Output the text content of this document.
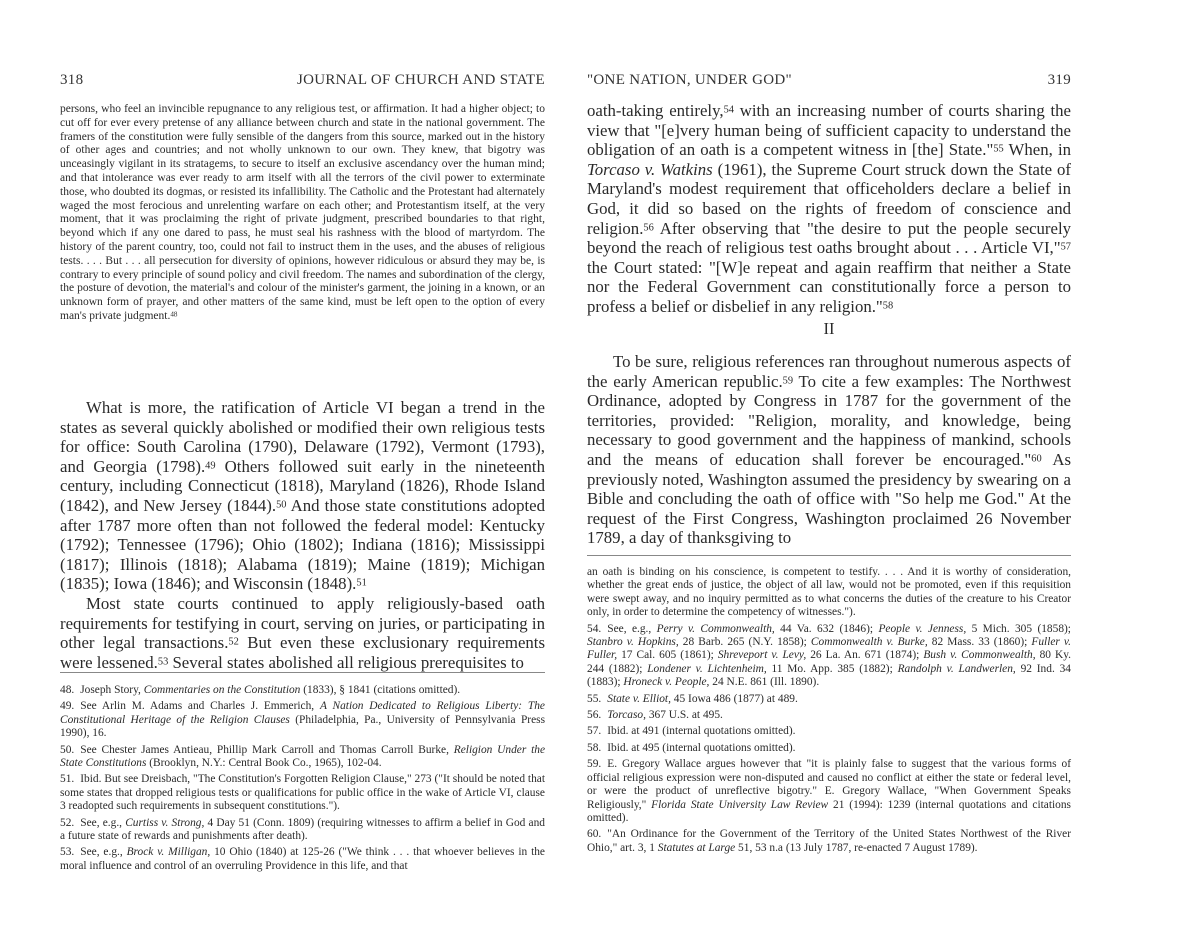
318	JOURNAL OF CHURCH AND STATE
persons, who feel an invincible repugnance to any religious test, or affirmation. It had a higher object; to cut off for ever every pretense of any alliance between church and state in the national government. The framers of the constitution were fully sensible of the dangers from this source, marked out in the history of other ages and countries; and not wholly unknown to our own. They knew, that bigotry was unceasingly vigilant in its stratagems, to secure to itself an exclusive ascendancy over the human mind; and that intolerance was ever ready to arm itself with all the terrors of the civil power to exterminate those, who doubted its dogmas, or resisted its infallibility. The Catholic and the Protestant had alternately waged the most ferocious and unrelenting warfare on each other; and Protestantism itself, at the very moment, that it was proclaiming the right of private judgment, prescribed boundaries to that right, beyond which if any one dared to pass, he must seal his rashness with the blood of martyrdom. The history of the parent country, too, could not fail to instruct them in the uses, and the abuses of religious tests. . . . But . . . all persecution for diversity of opinions, however ridiculous or absurd they may be, is contrary to every principle of sound policy and civil freedom. The names and subordination of the clergy, the posture of devotion, the material's and colour of the minister's garment, the joining in a known, or an unknown form of prayer, and other matters of the same kind, must be left open to the option of every man's private judgment.$^{48}$

What is more, the ratification of Article VI began a trend in the states as several quickly abolished or modified their own religious tests for office: South Carolina (1790), Delaware (1792), Vermont (1793), and Georgia (1798).$^{49}$ Others followed suit early in the nineteenth century, including Connecticut (1818), Maryland (1826), Rhode Island (1842), and New Jersey (1844).$^{50}$ And those state constitutions adopted after 1787 more often than not followed the federal model: Kentucky (1792); Tennessee (1796); Ohio (1802); Indiana (1816); Mississippi (1817); Illinois (1818); Alabama (1819); Maine (1819); Michigan (1835); Iowa (1846); and Wisconsin (1848).$^{51}$

Most state courts continued to apply religiously-based oath requirements for testifying in court, serving on juries, or participating in other legal transactions.$^{52}$ But even these exclusionary requirements were lessened.$^{53}$ Several states abolished all religious prerequisites to

48. Joseph Story, Commentaries on the Constitution (1833), § 1841 (citations omitted).

49. See Arlin M. Adams and Charles J. Emmerich, A Nation Dedicated to Religious Liberty: The Constitutional Heritage of the Religion Clauses (Philadelphia, Pa., University of Pennsylvania Press 1990), 16.

50. See Chester James Antieau, Phillip Mark Carroll and Thomas Carroll Burke, Religion Under the State Constitutions (Brooklyn, N.Y.: Central Book Co., 1965), 102-04.

51. Ibid. But see Dreisbach, "The Constitution's Forgotten Religion Clause," 273 ("It should be noted that some states that dropped religious tests or qualifications for public office in the wake of Article VI, clause 3 readopted such requirements in subsequent constitutions.").

52. See, e.g., Curtiss v. Strong, 4 Day 51 (Conn. 1809) (requiring witnesses to affirm a belief in God and a future state of rewards and punishments after death).

53. See, e.g., Brock v. Milligan, 10 Ohio (1840) at 125-26 ("We think . . . that whoever believes in the moral influence and control of an overruling Providence in this life, and that

"ONE NATION, UNDER GOD"	319

oath-taking entirely,$^{54}$ with an increasing number of courts sharing the view that "[e]very human being of sufficient capacity to understand the obligation of an oath is a competent witness in [the] State."$^{55}$ When, in Torcaso v. Watkins (1961), the Supreme Court struck down the State of Maryland's modest requirement that officeholders declare a belief in God, it did so based on the rights of freedom of conscience and religion.$^{56}$ After observing that "the desire to put the people securely beyond the reach of religious test oaths brought about . . . Article VI,"$^{57}$ the Court stated: "[W]e repeat and again reaffirm that neither a State nor the Federal Government can constitutionally force a person to profess a belief or disbelief in any religion."$^{58}$

II

To be sure, religious references ran throughout numerous aspects of the early American republic.$^{59}$ To cite a few examples: The Northwest Ordinance, adopted by Congress in 1787 for the government of the territories, provided: "Religion, morality, and knowledge, being necessary to good government and the happiness of mankind, schools and the means of education shall forever be encouraged."$^{60}$ As previously noted, Washington assumed the presidency by swearing on a Bible and concluding the oath of office with "So help me God." At the request of the First Congress, Washington proclaimed 26 November 1789, a day of thanksgiving to

an oath is binding on his conscience, is competent to testify. . . . And it is worthy of consideration, whether the great ends of justice, the object of all law, would not be promoted, even if this requisition were swept away, and no inquiry permitted as to what concerns the duties of the creature to his Creator only, in order to determine the competency of witnesses.").

54. See, e.g., Perry v. Commonwealth, 44 Va. 632 (1846); People v. Jenness, 5 Mich. 305 (1858); Stanbro v. Hopkins, 28 Barb. 265 (N.Y. 1858); Commonwealth v. Burke, 82 Mass. 33 (1860); Fuller v. Fuller, 17 Cal. 605 (1861); Shreveport v. Levy, 26 La. An. 671 (1874); Bush v. Commonwealth, 80 Ky. 244 (1882); Londener v. Lichtenheim, 11 Mo. App. 385 (1882); Randolph v. Landwerlen, 92 Ind. 34 (1883); Hroneck v. People, 24 N.E. 861 (Ill. 1890).

55. State v. Elliot, 45 Iowa 486 (1877) at 489.

56. Torcaso, 367 U.S. at 495.

57. Ibid. at 491 (internal quotations omitted).

58. Ibid. at 495 (internal quotations omitted).

59. E. Gregory Wallace argues however that "it is plainly false to suggest that the various forms of official religious expression were non-disputed and caused no conflict at either the state or federal level, or were the product of unreflective bigotry." E. Gregory Wallace, "When Government Speaks Religiously," Florida State University Law Review 21 (1994): 1239 (internal quotations and citations omitted).

60. "An Ordinance for the Government of the Territory of the United States Northwest of the River Ohio," art. 3, 1 Statutes at Large 51, 53 n.a (13 July 1787, re-enacted 7 August 1789).
